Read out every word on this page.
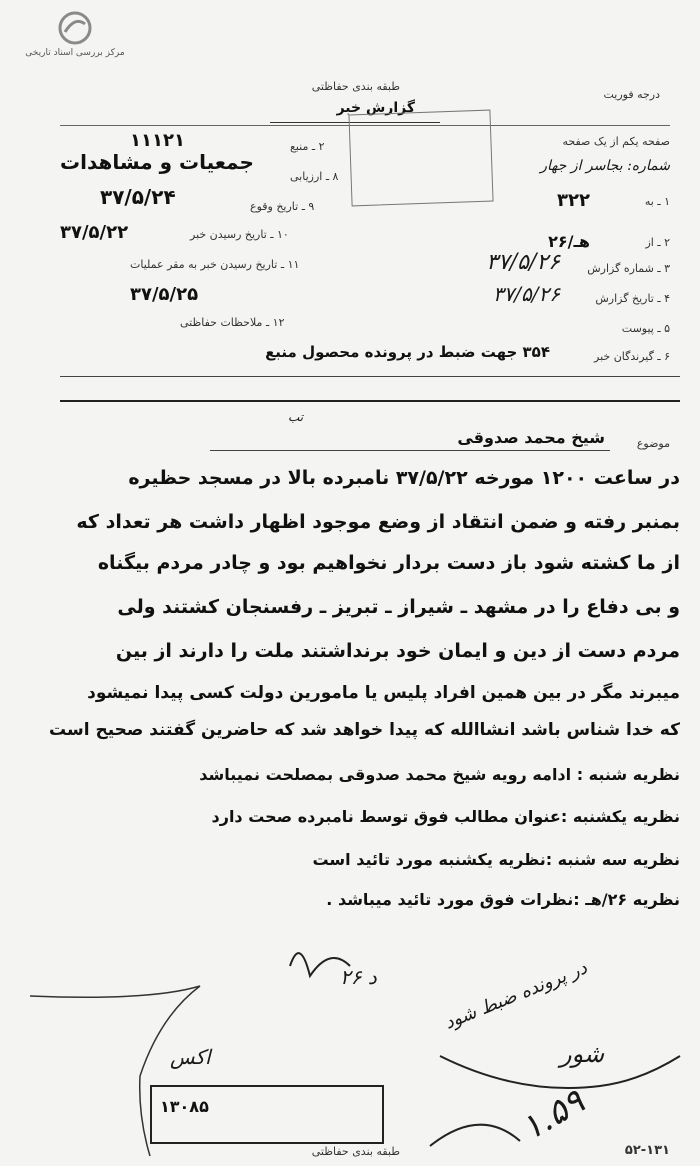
مرکز بررسی اسناد تاریخی
درجه فوریت
طبقه بندی حفاظتی
گزارش خبر
صفحه یکم از یک صفحه
۱۱۱۲۱
شماره: بجاسر از جهار
جمعیات و مشاهدات
۳۷/۵/۲۴
۲ ـ منبع
۸ ـ ارزیابی
۹ ـ تاریخ وقوع
۱۰ ـ تاریخ رسیدن خبر
۳۷/۵/۲۲
۱۱ ـ تاریخ رسیدن خبر به مقر عملیات
۳۷/۵/۲۵
۱۲ ـ ملاحظات حفاظتی
۱ ـ به
۳۲۲
۲ ـ از
۲۶/هـ
۳ ـ شماره گزارش
۳۷/۵/۲۶
۴ ـ تاریخ گزارش
۳۷/۵/۲۶
۵ ـ پیوست
۶ ـ گیرندگان خبر
۳۵۴ جهت ضبط در پرونده محصول منبع
تب
موضوع
شیخ محمد صدوقی
در ساعت ۱۲۰۰ مورخه ۳۷/۵/۲۲ نامبرده بالا در مسجد حظیره
بمنبر رفته و ضمن انتقاد از وضع موجود اظهار داشت هر تعداد که
از ما کشته شود باز دست بردار نخواهیم بود و چادر مردم بیگناه
و بی دفاع را در مشهد ـ شیراز ـ تبریز ـ رفسنجان کشتند ولی
مردم دست از دین و ایمان خود برنداشتند ملت را دارند از بین
میبرند مگر در بین همین افراد پلیس یا مامورین دولت کسی پیدا نمیشود
که خدا شناس باشد انشاالله که پیدا خواهد شد که حاضرین گفتند صحیح است
نظریه شنبه : ادامه رویه شیخ محمد صدوقی بمصلحت نمیباشد
نظریه یکشنبه :عنوان مطالب فوق توسط نامبرده صحت دارد
نظریه سه شنبه :نظریه یکشنبه مورد تائید است
نظریه ۲۶/هـ :نظرات فوق مورد تائید میباشد .
۲۶ د	در پرونده ضبط شود
شور
اکس
۱.۵۹
۱۳۰۸۵
طبقه بندی حفاظتی	۵۲-۱۳۱
